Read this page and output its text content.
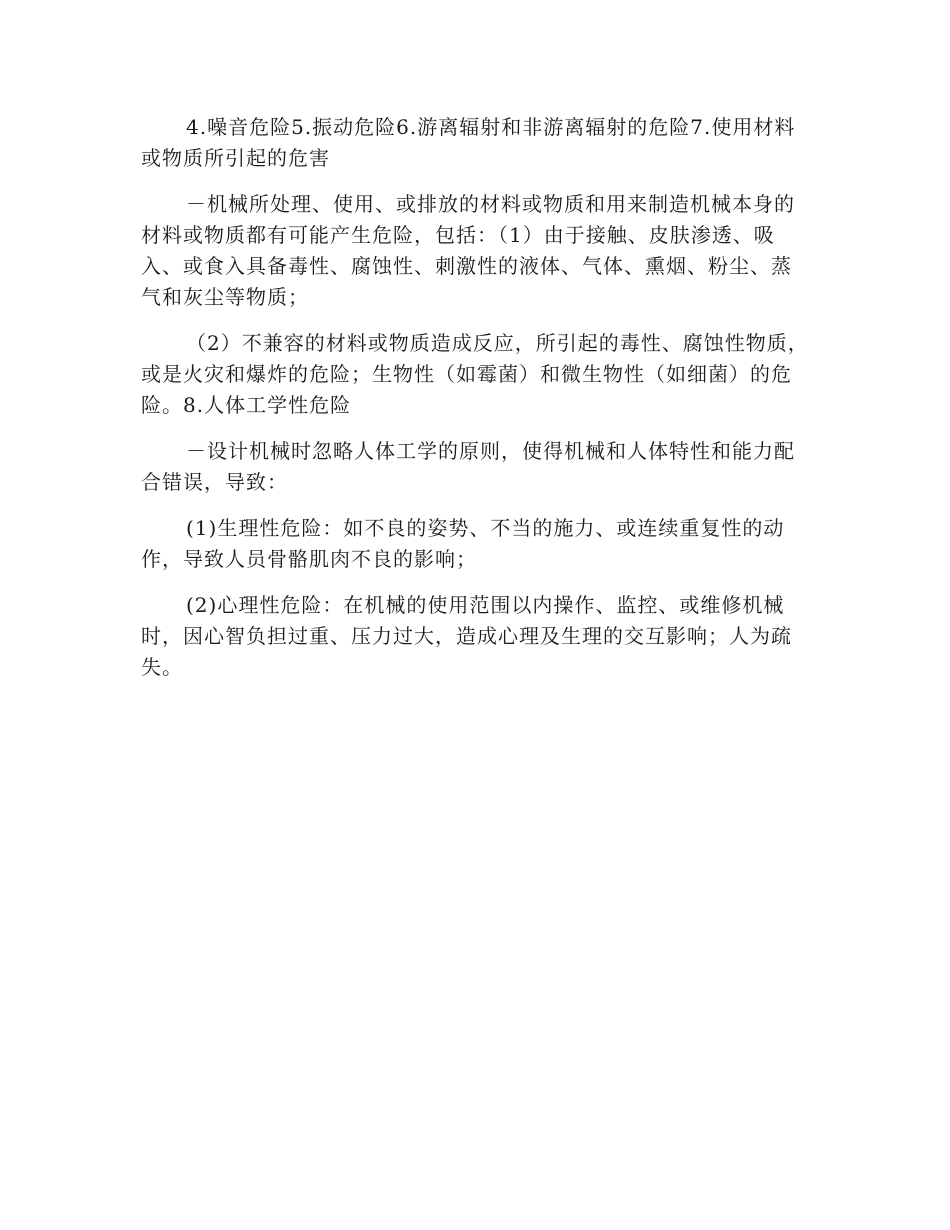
4.噪音危险5.振动危险6.游离辐射和非游离辐射的危险7.使用材料或物质所引起的危害

－机械所处理、使用、或排放的材料或物质和用来制造机械本身的材料或物质都有可能产生危险，包括：（1）由于接触、皮肤渗透、吸入、或食入具备毒性、腐蚀性、刺激性的液体、气体、熏烟、粉尘、蒸气和灰尘等物质；

（2）不兼容的材料或物质造成反应，所引起的毒性、腐蚀性物质，或是火灾和爆炸的危险；生物性（如霉菌）和微生物性（如细菌）的危险。8.人体工学性危险

－设计机械时忽略人体工学的原则，使得机械和人体特性和能力配合错误，导致：

(1)生理性危险：如不良的姿势、不当的施力、或连续重复性的动作，导致人员骨骼肌肉不良的影响；

(2)心理性危险：在机械的使用范围以内操作、监控、或维修机械时，因心智负担过重、压力过大，造成心理及生理的交互影响；人为疏失。
